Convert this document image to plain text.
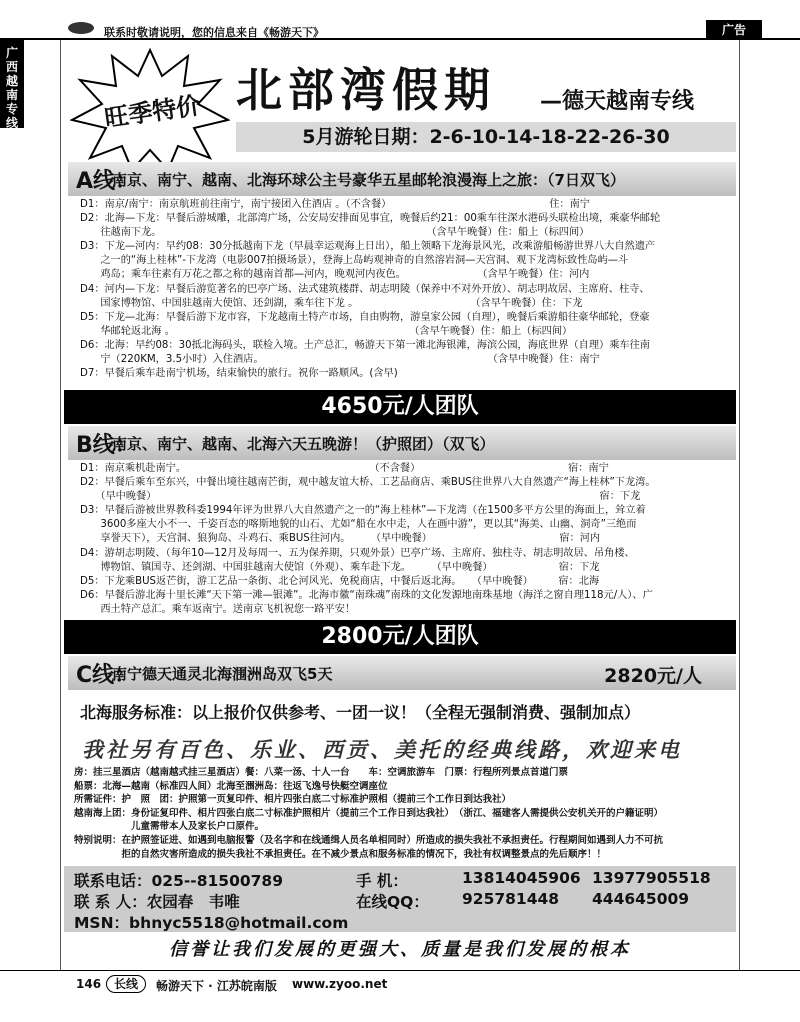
联系时敬请说明，您的信息来自《畅游天下》	广告
广
西
越
南
专
线	旺季特价 北部湾假期 —德天越南专线
5月游轮日期：2-6-10-14-18-22-26-30
A线：
南京、南宁、越南、北海环球公主号豪华五星邮轮浪漫海上之旅：（7日双飞）
D1：南京/南宁：南京航班前往南宁，南宁接团入住酒店 。（不含餐）　　　　　　　　　　　　　　　　住：南宁
D2：北海—下龙：早餐后游城雕，北部湾广场，公安局安排面见事宜，晚餐后约21：00乘车往深水港码头联检出境，乘豪华邮轮
　　往越南下龙。　　　　　　　　　　　　　　　　　　　　　　　　　　　（含早午晚餐）住：船上（标四间）
D3：下龙—河内：早约08：30分抵越南下龙（早晨幸运观海上日出），船上领略下龙海景风光，改乘游船畅游世界八大自然遗产
　　之一的“海上桂林”-下龙湾（电影007拍摄场景），登海上岛屿观神奇的自然溶岩洞—天宫洞、观下龙湾标致性岛屿—斗
　　鸡岛；乘车往素有万花之都之称的越南首都—河内，晚观河内夜色。　　　　　　　　（含早午晚餐）住：河内
D4：河内—下龙：早餐后游览著名的巴亭广场、法式建筑楼群、胡志明陵（保养中不对外开放）、胡志明故居、主席府、柱寺、
　　国家博物馆、中国驻越南大使馆、还剑湖，乘车往下龙 。　　　　　　　　　　　　（含早午晚餐）住：下龙
D5：下龙—北海：早餐后游下龙市容，下龙越南土特产市场，自由购物，游皇家公园（自理），晚餐后乘游船往豪华邮轮，登豪
　　华邮轮返北海 。　　　　　　　　　　　　　　　　　　　　　　　　（含早午晚餐）住：船上（标四间）
D6：北海：早约08：30抵北海码头，联检入境。土产总汇，畅游天下第一滩北海银滩，海滨公园，海底世界（自理）乘车往南
　　宁（220KM，3.5小时）入住酒店。　　　　　　　　　　　　　　　　　　　　　　　（含早中晚餐）住：南宁
D7：早餐后乘车赴南宁机场，结束愉快的旅行。祝你一路顺风。(含早)
4650元/人团队
B线：
南京、南宁、越南、北海六天五晚游！（护照团）（双飞）
D1：南京乘机赴南宁。　　　　　　　　　　　　　　　　　　　（不含餐）　　　　　　　　　　　　　　　宿：南宁
D2：早餐后乘车至东兴，中餐出境往越南芒街，观中越友谊大桥、工艺品商店、乘BUS往世界八大自然遗产“海上桂林”下龙湾。
　　（早中晚餐）　　　　　　　　　　　　　　　　　　　　　　　　　　　　　　　　　　　　　　　　　　　　宿：下龙
D3：早餐后游被世界教科委1994年评为世界八大自然遗产之一的“海上桂林”—下龙湾（在1500多平方公里的海面上，耸立着
　　3600多座大小不一、千姿百态的喀斯地貌的山石、尤如“船在水中走，人在画中游”，更以其“海美、山幽、洞奇”三绝而
　　享誉天下），天宫洞、狼狗岛、斗鸡石、乘BUS往河内。　　　（早中晚餐）　　　　　　　　　　　　　宿：河内
D4：游胡志明陵、（每年10—12月及每周一、五为保养期，只观外景）巴亭广场、主席府、独柱寺、胡志明故居、吊角楼、
　　博物馆、镇国寺、还剑湖、中国驻越南大使馆（外观）、乘车赴下龙。　　　（早中晚餐）　　　　　　　宿：下龙
D5：下龙乘BUS返芒街，游工艺品一条街、北仑河风光、免税商店，中餐后返北海。　　（早中晚餐）　　　宿：北海
D6：早餐后游北海十里长滩“天下第一滩—银滩”。北海市徽“南珠魂”南珠的文化发源地南珠基地（海洋之窗自理118元/人）、广
　　西土特产总汇。乘车返南宁。送南京飞机祝您一路平安！
2800元/人团队
C线：
南宁德天通灵北海涠洲岛双飞5天	2820元/人
北海服务标准：以上报价仅供参考、一团一议！（全程无强制消费、强制加点）
我社另有百色、乐业、西贡、美托的经典线路，欢迎来电
房：挂三星酒店（越南越式挂三星酒店）餐：八菜一汤、十人一台　　车：空调旅游车　门票：行程所列景点首道门票
船票：北海—越南（标准四人间）北海至涠洲岛：往返飞逸号快艇空调座位
所需证件：护　照　团：护照第一页复印件、相片四张白底二寸标准护照相（提前三个工作日到达我社）
越南海上团：身份证复印件、相片四张白底二寸标准护照相片（提前三个工作日到达我社）　（浙江、福建客人需提供公安机关开的户籍证明）
　　　　　　儿童需带本人及家长户口原件。
特别说明：在护照签证进、如遇到电脑报警（及名字和在线通缉人员名单相同时）所造成的损失我社不承担责任。行程期间如遇到人力不可抗
　　　　　拒的自然灾害所造成的损失我社不承担责任。在不减少景点和服务标准的情况下，我社有权调整景点的先后顺序！！
联系电话：025--81500789	手 机：	13814045906 13977905518
联 系 人：农园春　韦唯	在线QQ： 925781448 444645009
MSN：bhnyc5518@hotmail.com
信誉让我们发展的更强大、质量是我们发展的根本
146	长线	畅游天下 · 江苏皖南版 www.zyoo.net
